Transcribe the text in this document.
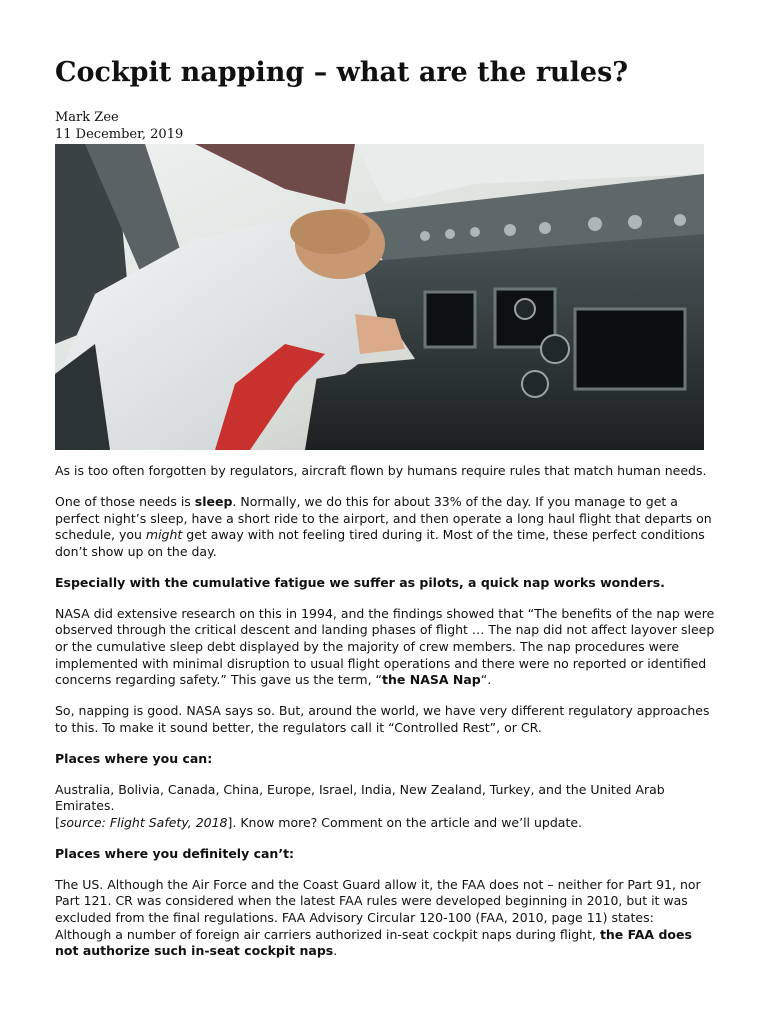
Cockpit napping – what are the rules?
Mark Zee
11 December, 2019

As is too often forgotten by regulators, aircraft flown by humans require rules that match human needs.

One of those needs is sleep. Normally, we do this for about 33% of the day. If you manage to get a perfect night’s sleep, have a short ride to the airport, and then operate a long haul flight that departs on schedule, you might get away with not feeling tired during it. Most of the time, these perfect conditions don’t show up on the day.

Especially with the cumulative fatigue we suffer as pilots, a quick nap works wonders.

NASA did extensive research on this in 1994, and the findings showed that “The benefits of the nap were observed through the critical descent and landing phases of flight … The nap did not affect layover sleep or the cumulative sleep debt displayed by the majority of crew members. The nap procedures were implemented with minimal disruption to usual flight operations and there were no reported or identified concerns regarding safety.” This gave us the term, “the NASA Nap“.

So, napping is good. NASA says so. But, around the world, we have very different regulatory approaches to this. To make it sound better, the regulators call it “Controlled Rest”, or CR.

Places where you can:

Australia, Bolivia, Canada, China, Europe, Israel, India, New Zealand, Turkey, and the United Arab Emirates.
[source: Flight Safety, 2018]. Know more? Comment on the article and we’ll update.

Places where you definitely can’t:

The US. Although the Air Force and the Coast Guard allow it, the FAA does not – neither for Part 91, nor Part 121. CR was considered when the latest FAA rules were developed beginning in 2010, but it was excluded from the final regulations. FAA Advisory Circular 120-100 (FAA, 2010, page 11) states:
Although a number of foreign air carriers authorized in-seat cockpit naps during flight, the FAA does not authorize such in-seat cockpit naps.
